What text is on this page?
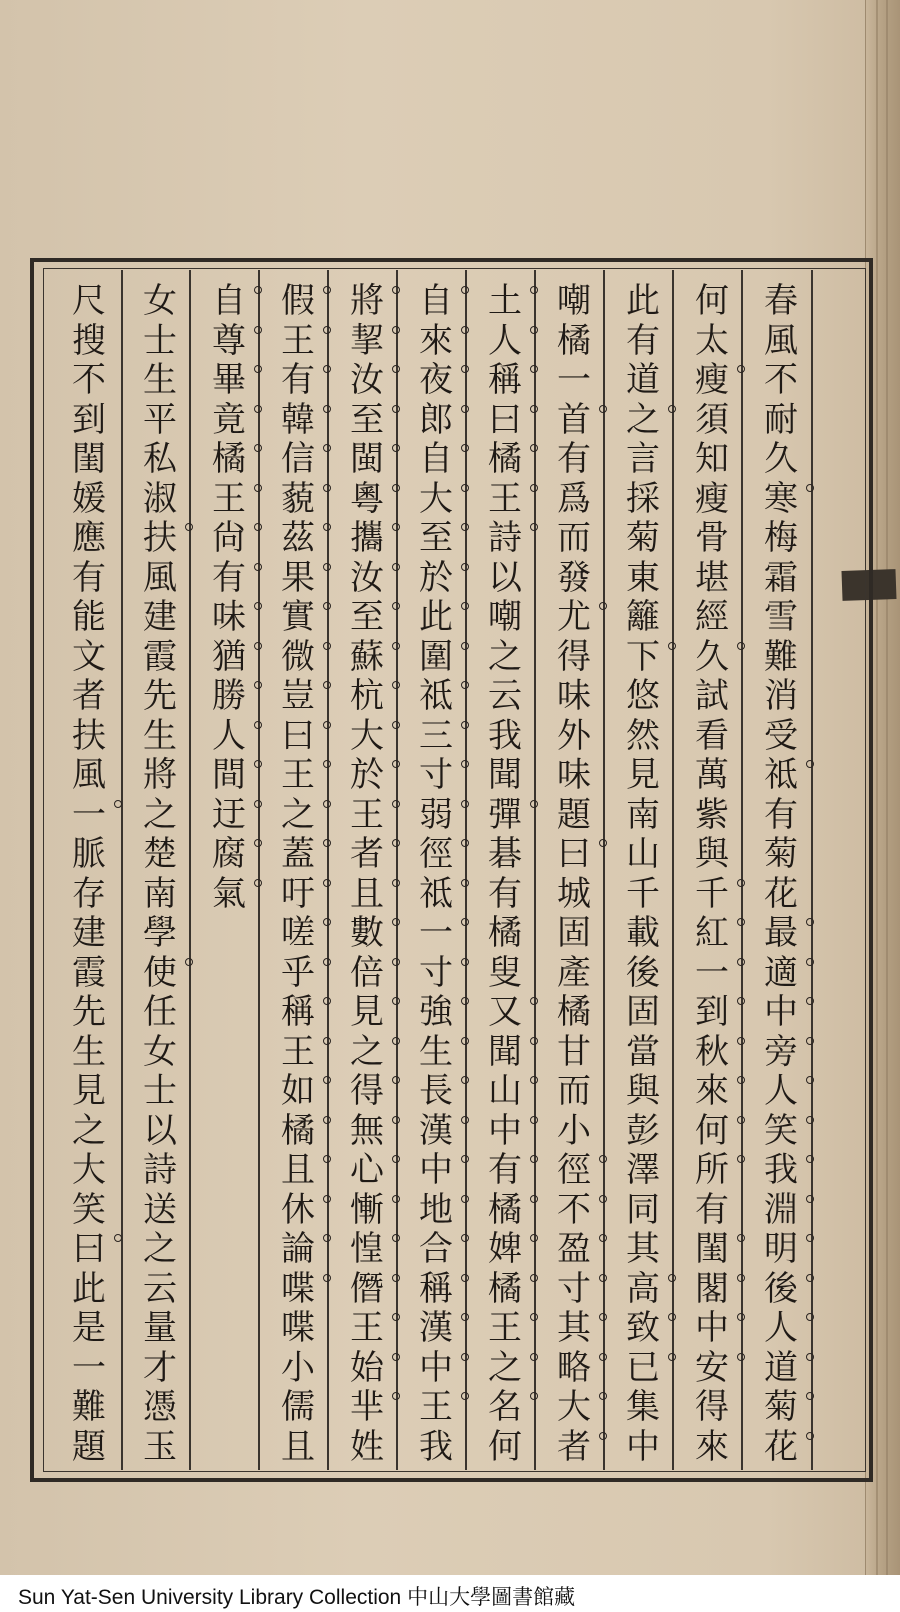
春
風
不
耐
久
寒
梅
霜
雪
難
消
受
祗
有
菊
花
最
適
中
旁
人
笑
我
淵
明
後
人
道
菊
花
何
太
瘦
須
知
瘦
骨
堪
經
久
試
看
萬
紫
與
千
紅
一
到
秋
來
何
所
有
閨
閣
中
安
得
來
此
有
道
之
言
採
菊
東
籬
下
悠
然
見
南
山
千
載
後
固
當
與
彭
澤
同
其
高
致
已
集
中
嘲
橘
一
首
有
爲
而
發
尤
得
味
外
味
題
曰
城
固
產
橘
甘
而
小
徑
不
盈
寸
其
略
大
者
土
人
稱
曰
橘
王
詩
以
嘲
之
云
我
聞
彈
碁
有
橘
叟
又
聞
山
中
有
橘
婢
橘
王
之
名
何
自
來
夜
郎
自
大
至
於
此
圍
祗
三
寸
弱
徑
祗
一
寸
強
生
長
漢
中
地
合
稱
漢
中
王
我
將
挈
汝
至
閩
粵
攜
汝
至
蘇
杭
大
於
王
者
且
數
倍
見
之
得
無
心
慚
惶
僭
王
始
芈
姓
假
王
有
韓
信
藐
茲
果
實
微
豈
曰
王
之
蓋
吁
嗟
乎
稱
王
如
橘
且
休
論
喋
喋
小
儒
且
自
尊
畢
竟
橘
王
尙
有
味
猶
勝
人
間
迂
腐
氣
女
士
生
平
私
淑
扶
風
建
霞
先
生
將
之
楚
南
學
使
任
女
士
以
詩
送
之
云
量
才
憑
玉
尺
搜
不
到
閨
媛
應
有
能
文
者
扶
風
一
脈
存
建
霞
先
生
見
之
大
笑
曰
此
是
一
難
題
Sun Yat-Sen University Library Collection 中山大學圖書館藏
